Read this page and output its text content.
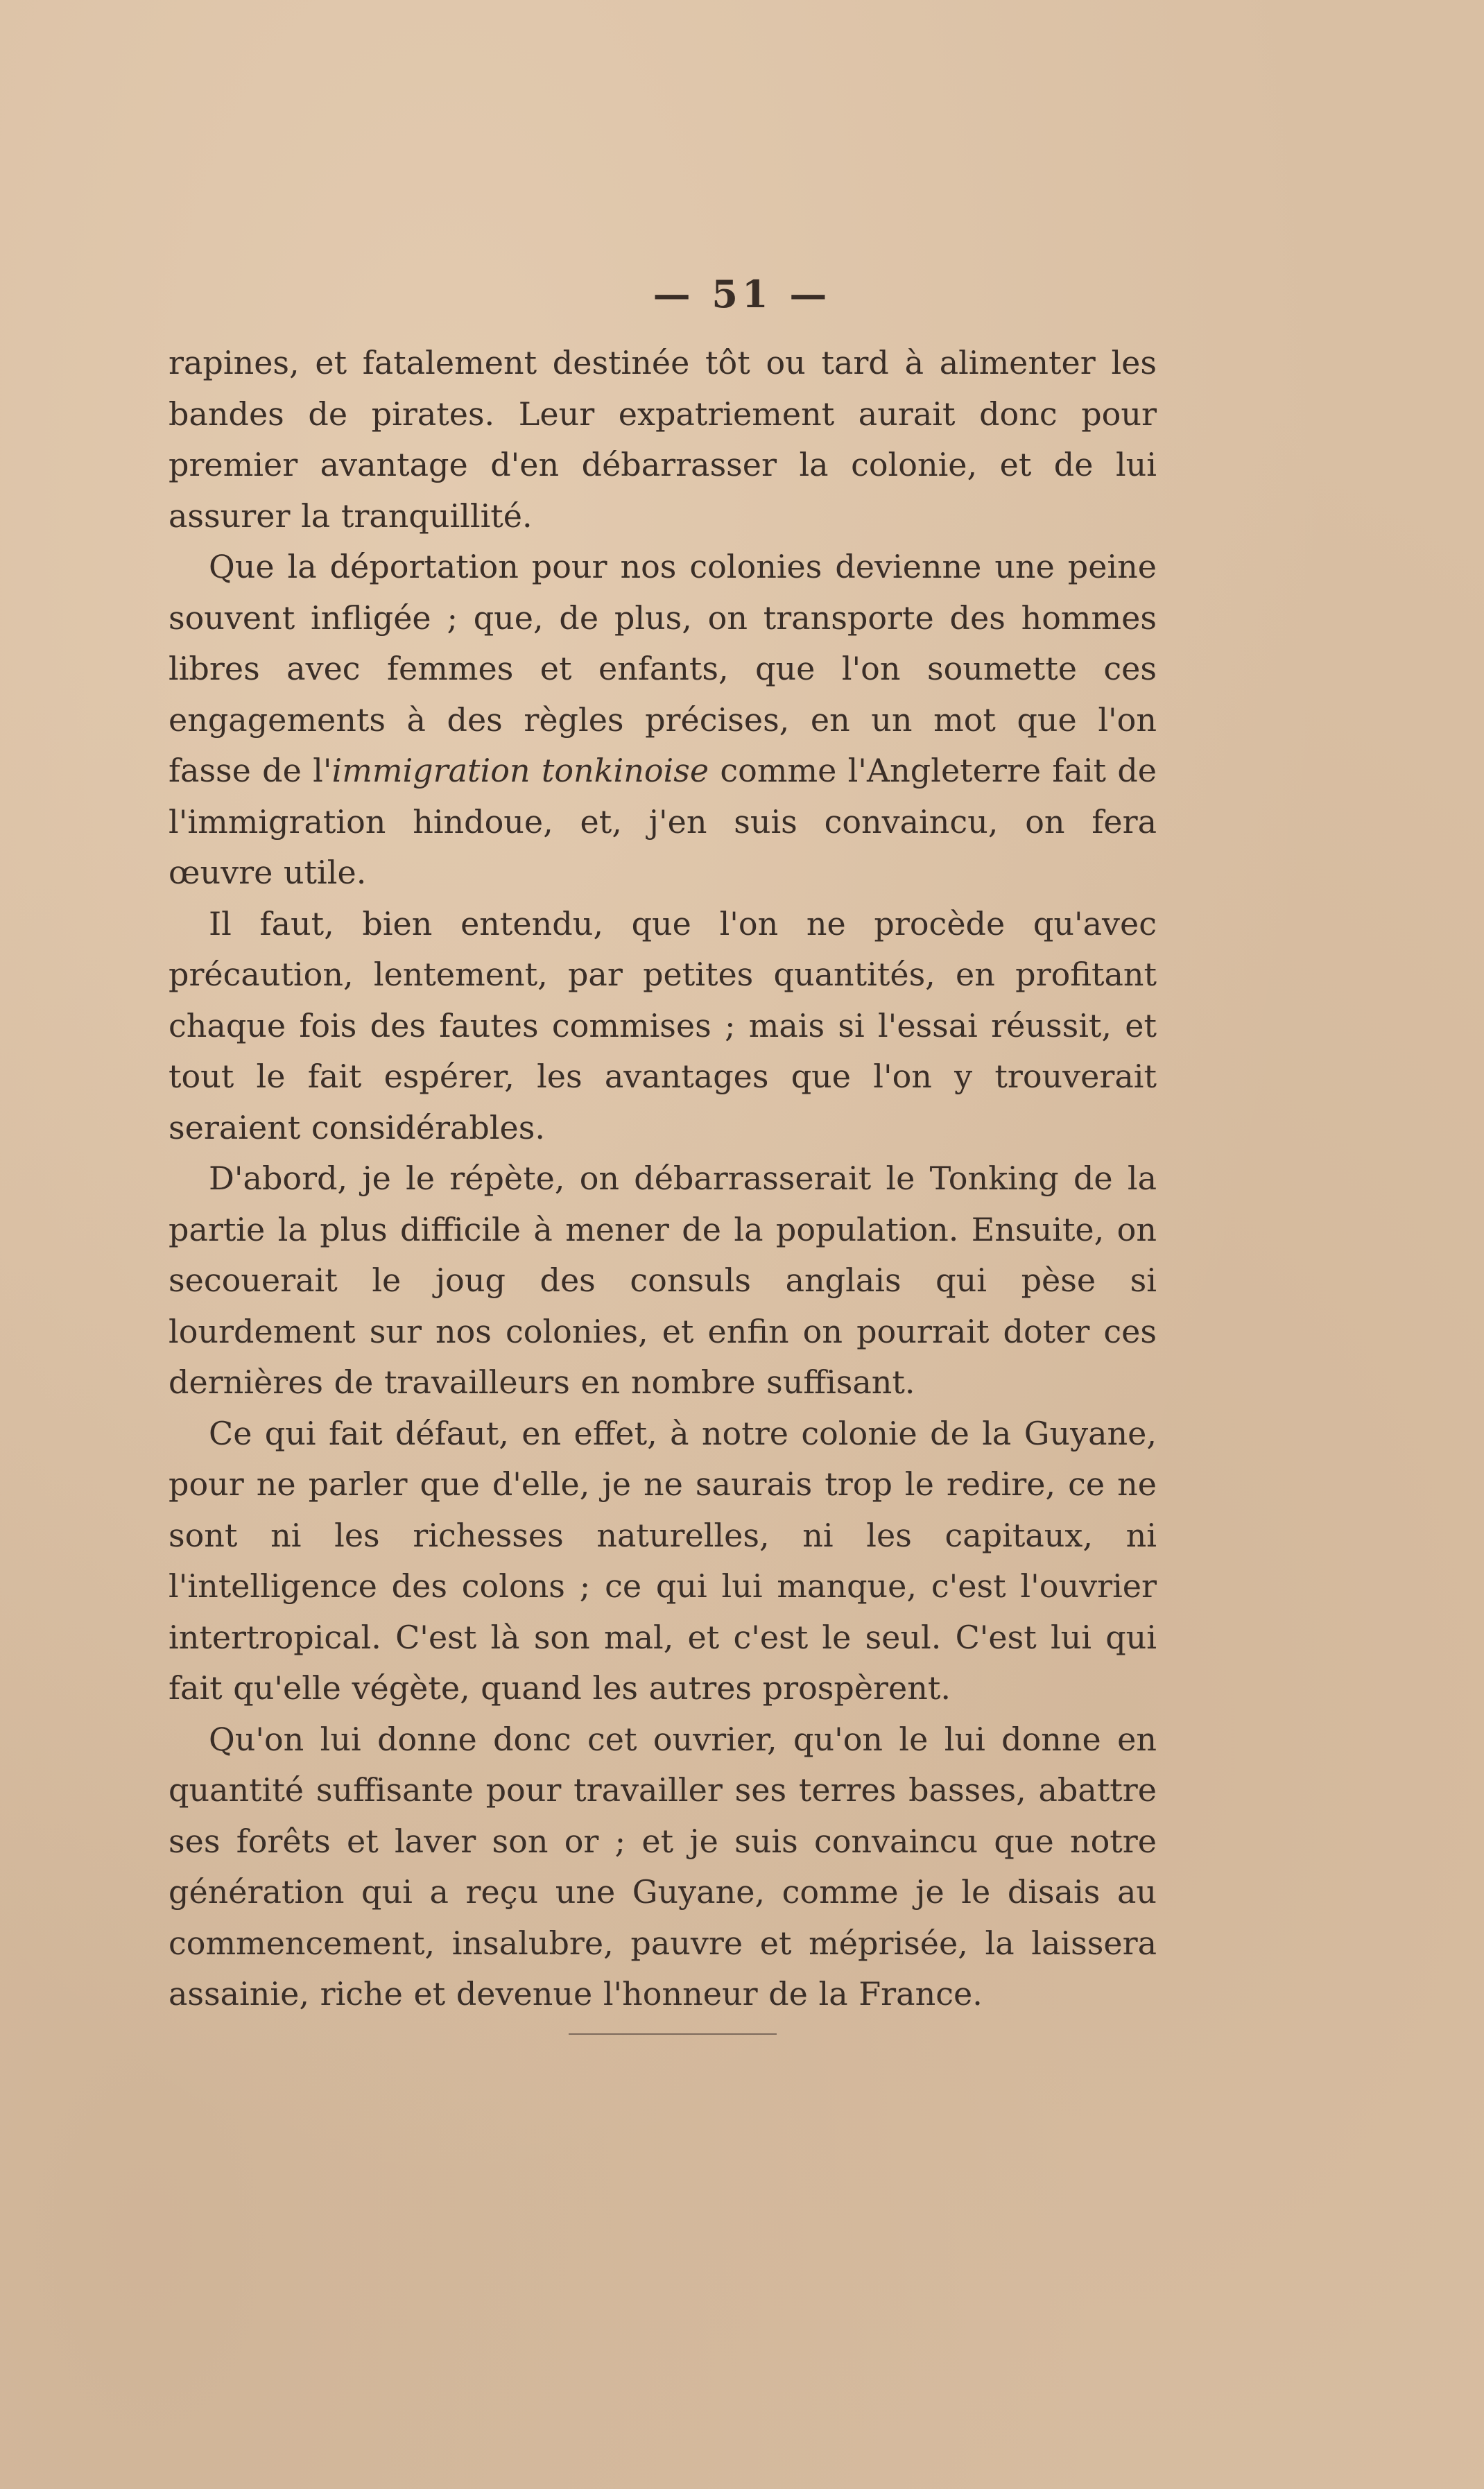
— 51 —

rapines, et fatalement destinée tôt ou tard à alimenter les bandes de pirates. Leur expatriement aurait donc pour premier avantage d'en débarrasser la colonie, et de lui assurer la tranquillité.

Que la déportation pour nos colonies devienne une peine souvent infligée ; que, de plus, on transporte des hommes libres avec femmes et enfants, que l'on soumette ces engagements à des règles précises, en un mot que l'on fasse de l'immigration tonkinoise comme l'Angleterre fait de l'immigration hindoue, et, j'en suis convaincu, on fera œuvre utile.

Il faut, bien entendu, que l'on ne procède qu'avec précaution, lentement, par petites quantités, en profitant chaque fois des fautes commises ; mais si l'essai réussit, et tout le fait espérer, les avantages que l'on y trouverait seraient considérables.

D'abord, je le répète, on débarrasserait le Tonking de la partie la plus difficile à mener de la population. Ensuite, on secouerait le joug des consuls anglais qui pèse si lourdement sur nos colonies, et enfin on pourrait doter ces dernières de travailleurs en nombre suffisant.

Ce qui fait défaut, en effet, à notre colonie de la Guyane, pour ne parler que d'elle, je ne saurais trop le redire, ce ne sont ni les richesses naturelles, ni les capitaux, ni l'intelligence des colons ; ce qui lui manque, c'est l'ouvrier intertropical. C'est là son mal, et c'est le seul. C'est lui qui fait qu'elle végète, quand les autres prospèrent.

Qu'on lui donne donc cet ouvrier, qu'on le lui donne en quantité suffisante pour travailler ses terres basses, abattre ses forêts et laver son or ; et je suis convaincu que notre génération qui a reçu une Guyane, comme je le disais au commencement, insalubre, pauvre et méprisée, la laissera assainie, riche et devenue l'honneur de la France.
